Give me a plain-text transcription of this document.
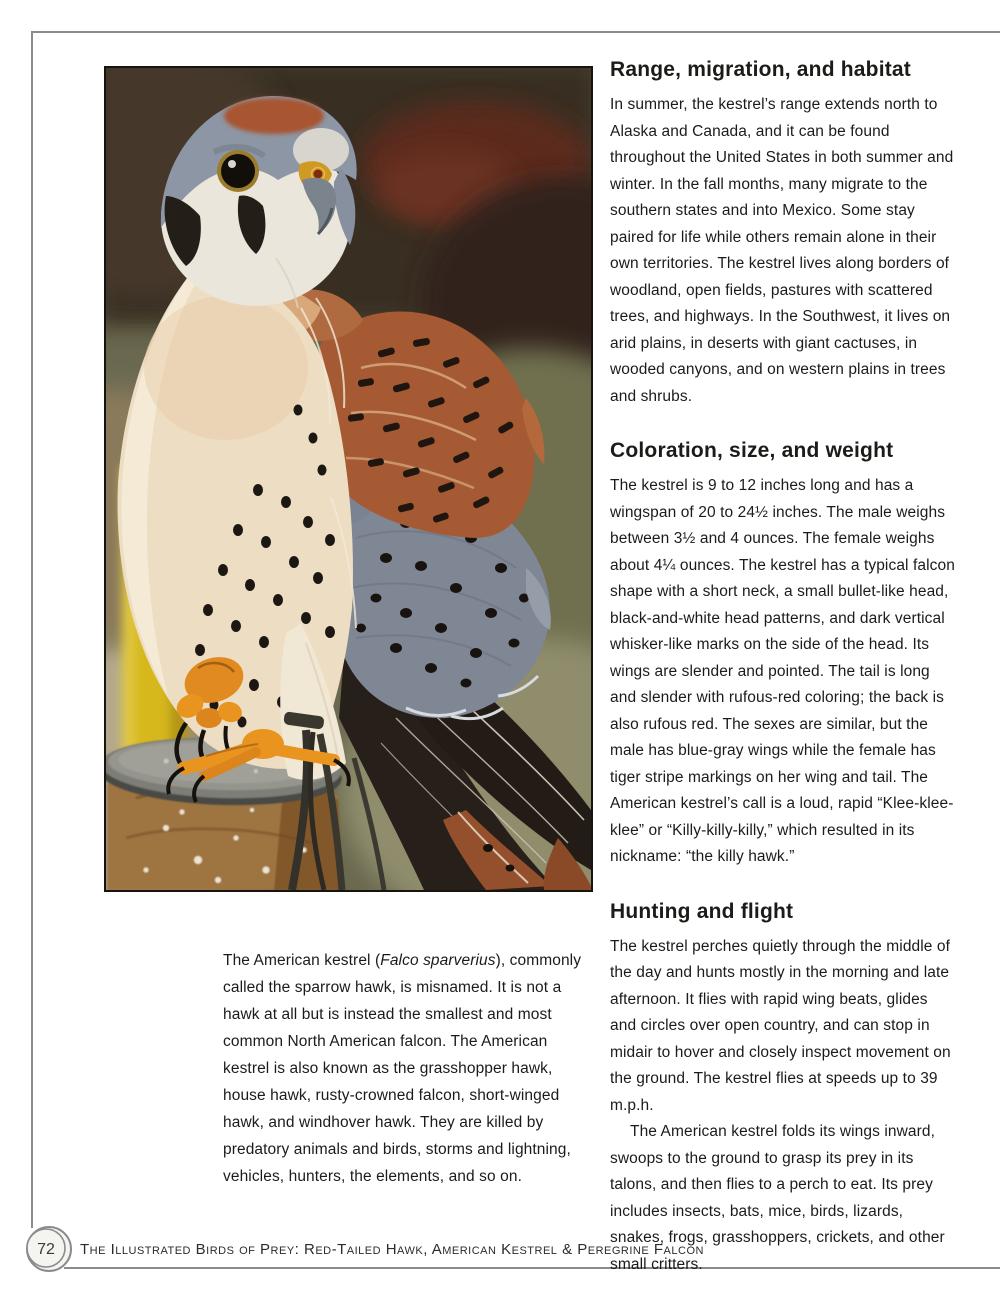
The American kestrel (Falco sparverius), commonly called the sparrow hawk, is misnamed. It is not a hawk at all but is instead the smallest and most common North American falcon. The American kestrel is also known as the grasshopper hawk, house hawk, rusty-crowned falcon, short-winged hawk, and windhover hawk. They are killed by predatory animals and birds, storms and lightning, vehicles, hunters, the elements, and so on.

Range, migration, and habitat

In summer, the kestrel’s range extends north to Alaska and Canada, and it can be found throughout the United States in both summer and winter. In the fall months, many migrate to the southern states and into Mexico. Some stay paired for life while others remain alone in their own territories. The kestrel lives along borders of woodland, open fields, pastures with scattered trees, and highways. In the Southwest, it lives on arid plains, in deserts with giant cactuses, in wooded canyons, and on western plains in trees and shrubs.

Coloration, size, and weight

The kestrel is 9 to 12 inches long and has a wingspan of 20 to 24½ inches. The male weighs between 3½ and 4 ounces. The female weighs about 4¼ ounces. The kestrel has a typical falcon shape with a short neck, a small bullet-like head, black-and-white head patterns, and dark vertical whisker-like marks on the side of the head. Its wings are slender and pointed. The tail is long and slender with rufous-red coloring; the back is also rufous red. The sexes are similar, but the male has blue-gray wings while the female has tiger stripe markings on her wing and tail. The American kestrel’s call is a loud, rapid “Klee-klee-klee” or “Killy-killy-killy,” which resulted in its nickname: “the killy hawk.”

Hunting and flight

The kestrel perches quietly through the middle of the day and hunts mostly in the morning and late afternoon. It flies with rapid wing beats, glides and circles over open country, and can stop in midair to hover and closely inspect movement on the ground. The kestrel flies at speeds up to 39 m.p.h.

The American kestrel folds its wings inward, swoops to the ground to grasp its prey in its talons, and then flies to a perch to eat. Its prey includes insects, bats, mice, birds, lizards, snakes, frogs, grasshoppers, crickets, and other small critters.

72 The Illustrated Birds of Prey: Red-Tailed Hawk, American Kestrel & Peregrine Falcon
